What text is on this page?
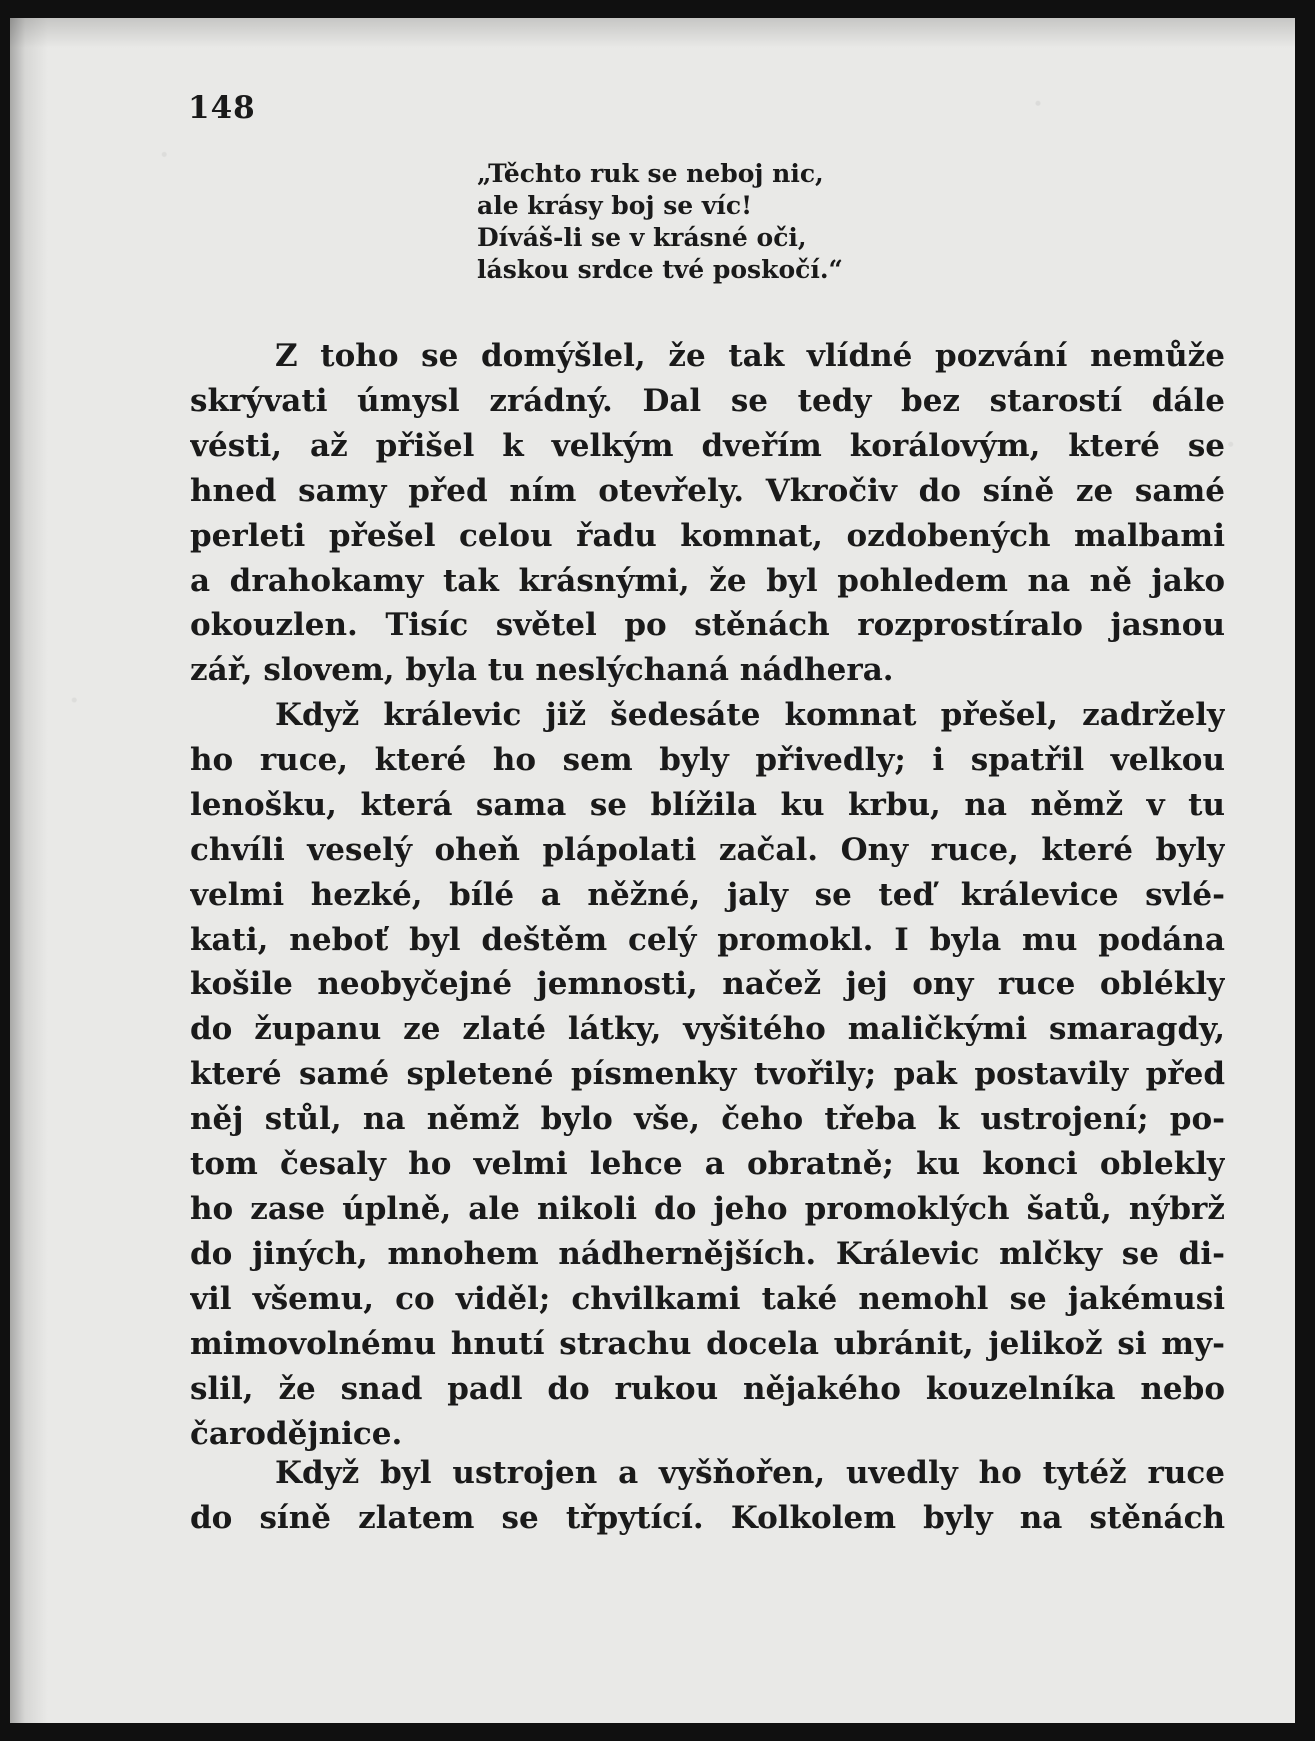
148
„Těchto ruk se neboj nic,
ale krásy boj se víc!
Díváš-li se v krásné oči,
láskou srdce tvé poskočí.“
Z toho se domýšlel, že tak vlídné pozvání nemůže
skrývati úmysl zrádný. Dal se tedy bez starostí dále
vésti, až přišel k velkým dveřím korálovým, které se
hned samy před ním otevřely. Vkročiv do síně ze samé
perleti přešel celou řadu komnat, ozdobených malbami
a drahokamy tak krásnými, že byl pohledem na ně jako
okouzlen. Tisíc světel po stěnách rozprostíralo jasnou
zář, slovem, byla tu neslýchaná nádhera.
Když králevic již šedesáte komnat přešel, zadržely
ho ruce, které ho sem byly přivedly; i spatřil velkou
lenošku, která sama se blížila ku krbu, na němž v tu
chvíli veselý oheň plápolati začal. Ony ruce, které byly
velmi hezké, bílé a něžné, jaly se teď králevice svlé-
kati, neboť byl deštěm celý promokl. I byla mu podána
košile neobyčejné jemnosti, načež jej ony ruce oblékly
do županu ze zlaté látky, vyšitého maličkými smaragdy,
které samé spletené písmenky tvořily; pak postavily před
něj stůl, na němž bylo vše, čeho třeba k ustrojení; po-
tom česaly ho velmi lehce a obratně; ku konci oblekly
ho zase úplně, ale nikoli do jeho promoklých šatů, nýbrž
do jiných, mnohem nádhernějších. Králevic mlčky se di-
vil všemu, co viděl; chvilkami také nemohl se jakémusi
mimovolnému hnutí strachu docela ubránit, jelikož si my-
slil, že snad padl do rukou nějakého kouzelníka nebo
čarodějnice.
Když byl ustrojen a vyšňořen, uvedly ho tytéž ruce
do síně zlatem se třpytící. Kolkolem byly na stěnách
